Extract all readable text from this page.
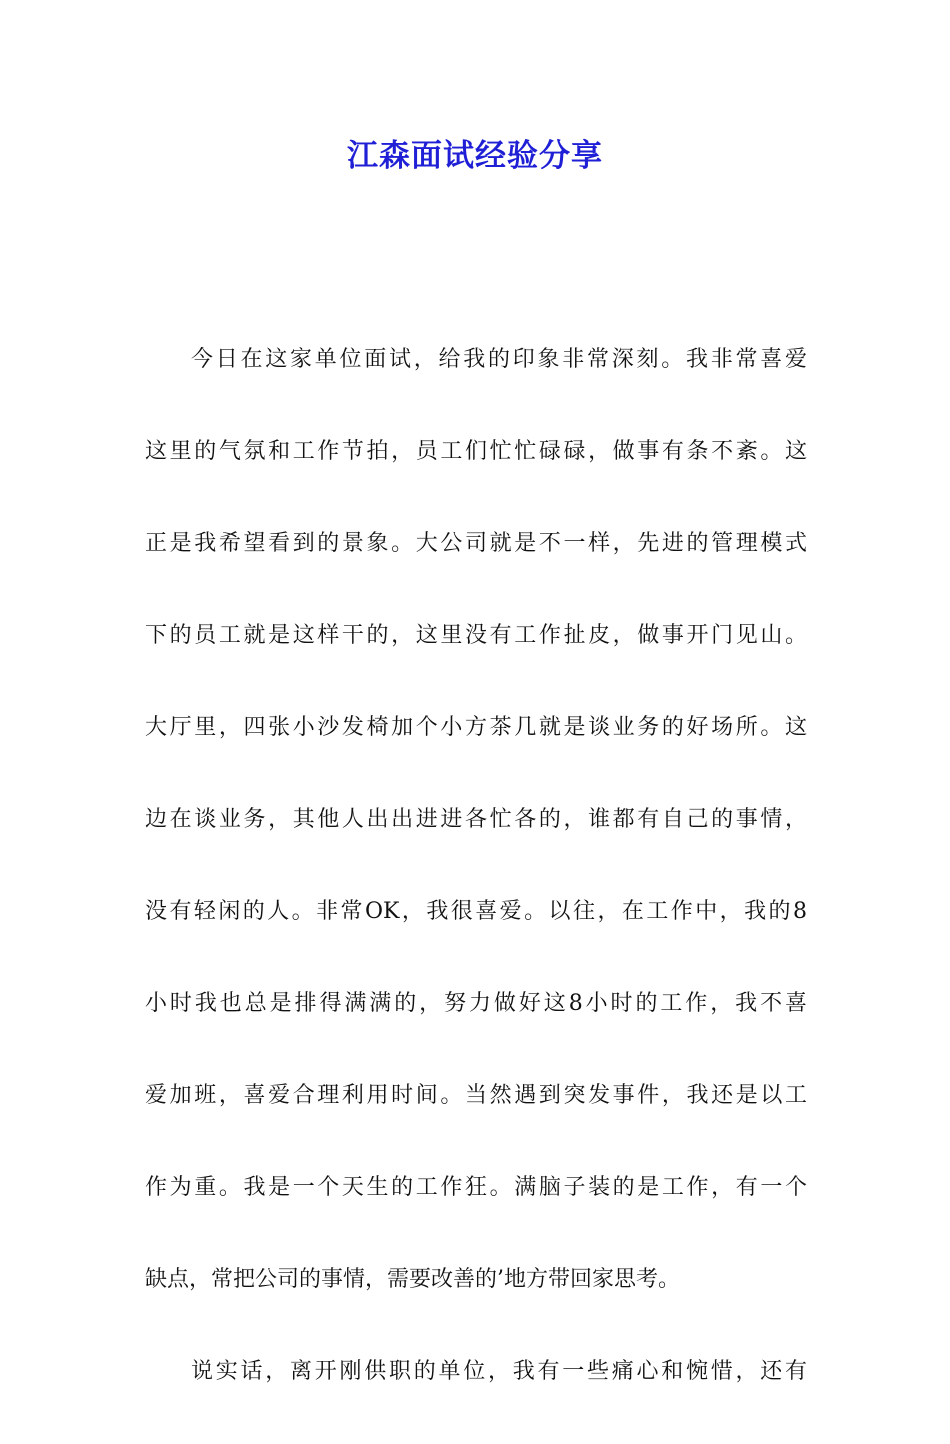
江森面试经验分享
今日在这家单位面试，给我的印象非常深刻。我非常喜爱
这里的气氛和工作节拍，员工们忙忙碌碌，做事有条不紊。这
正是我希望看到的景象。大公司就是不一样，先进的管理模式
下的员工就是这样干的，这里没有工作扯皮，做事开门见山。
大厅里，四张小沙发椅加个小方茶几就是谈业务的好场所。这
边在谈业务，其他人出出进进各忙各的，谁都有自己的事情，
没有轻闲的人。非常OK，我很喜爱。以往，在工作中，我的8
小时我也总是排得满满的，努力做好这8小时的工作，我不喜
爱加班，喜爱合理利用时间。当然遇到突发事件，我还是以工
作为重。我是一个天生的工作狂。满脑子装的是工作，有一个
缺点，常把公司的事情，需要改善的’地方带回家思考。
说实话，离开刚供职的单位，我有一些痛心和惋惜，还有
